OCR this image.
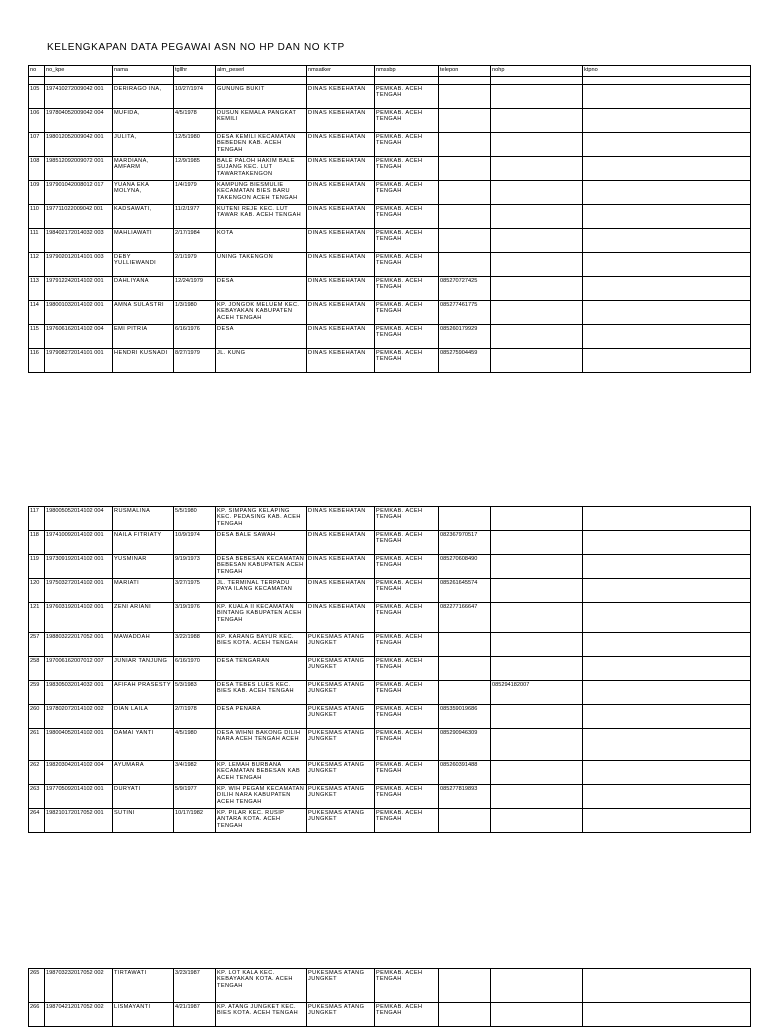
KELENGKAPAN DATA PEGAWAI ASN NO HP DAN NO KTP
no	no_kpe	nama	tgllhr	alm_peserl	nmsatker	nmssbp	telepon	nohp	ktpno

105	197410272009042 001	DERIRAGO INA,	10/27/1974	GUNUNG BUKIT	DINAS KEBEHATAN	PEMKAB. ACEH TENGAH			
106	197804052009042 004	MUFIDA,	4/5/1978	DUSUN KEMALA PANGKAT KEMILI	DINAS KEBEHATAN	PEMKAB. ACEH TENGAH			
107	198012052009042 001	JULITA,	12/5/1980	DESA KEMILI KECAMATAN BEBEDEN KAB. ACEH TENGAH	DINAS KEBEHATAN	PEMKAB. ACEH TENGAH			
108	198512092009072 001	MARDIANA, AMFARM	12/9/1985	BALE PALOH HAKIM BALE SUJANG KEC. LUT TAWARTAKENGON	DINAS KEBEHATAN	PEMKAB. ACEH TENGAH			
109	197901042008012 017	YUANA EKA MOLYNA,	1/4/1979	KAMPUNG BIESMULIE KECAMATAN BIES BARU TAKENGON ACEH TENGAH	DINAS KEBEHATAN	PEMKAB. ACEH TENGAH			
110	197711022009042 001	KADSAWATI,	11/2/1977	KUTENI REJE KEC. LUT TAWAR KAB. ACEH TENGAH	DINAS KEBEHATAN	PEMKAB. ACEH TENGAH			
111	198402172014032 003	MAHLIAWATI	2/17/1984	KOTA	DINAS KEBEHATAN	PEMKAB. ACEH TENGAH			
112	197902012014101 003	DEBY YULLIEWANDI	2/1/1979	UNING TAKENGON	DINAS KEBEHATAN	PEMKAB. ACEH TENGAH			
113	197912242014102 001	DAHLIYANA	12/24/1979	DESA	DINAS KEBEHATAN	PEMKAB. ACEH TENGAH	085270727425		
114	198001032014102 001	AMNA SULASTRI	1/3/1980	KP. JONGOK MELUEM KEC. KEBAYAKAN KABUPATEN ACEH TENGAH	DINAS KEBEHATAN	PEMKAB. ACEH TENGAH	085277461775		
115	197606162014102 004	EMI PITRIA	6/16/1976	DESA	DINAS KEBEHATAN	PEMKAB. ACEH TENGAH	085260179929		
116	197908272014101 001	HENDRI KUSNADI	8/27/1979	JL. KUNG	DINAS KEBEHATAN	PEMKAB. ACEH TENGAH	085275904459		
117	198005052014102 004	RUSMALINA	5/5/1980	KP. SIMPANG KELAPING KEC. PEDASING KAB. ACEH TENGAH	DINAS KEBEHATAN	PEMKAB. ACEH TENGAH			
118	197410092014102 001	NAILA FITRIATY	10/9/1974	DESA BALE SAWAH	DINAS KEBEHATAN	PEMKAB. ACEH TENGAH	082367970517		
119	197309192014102 001	YUSMINAR	9/19/1973	DESA BEBESAN KECAMATAN BEBESAN KABUPATEN ACEH TENGAH	DINAS KEBEHATAN	PEMKAB. ACEH TENGAH	085270608490		
120	197503272014102 001	MARIATI	3/27/1975	JL. TERMINAL TERPADU PAYA ILANG KECAMATAN	DINAS KEBEHATAN	PEMKAB. ACEH TENGAH	085261645574		
121	197603192014102 001	ZENI ARIANI	3/19/1976	KP. KUALA II KECAMATAN BINTANG KABUPATEN ACEH TENGAH	DINAS KEBEHATAN	PEMKAB. ACEH TENGAH	082277166647		
257	198803222017052 001	MAWADDAH	3/22/1988	KP. KARANG BAYUR KEC. BIES KOTA. ACEH TENGAH	PUKESMAS ATANG JUNGKET	PEMKAB. ACEH TENGAH			
258	197006162007012 007	JUNIAR TANJUNG	6/16/1970	DESA TENGARAN	PUKESMAS ATANG JUNGKET	PEMKAB. ACEH TENGAH			
259	198305032014032 001	AFIFAH PRASESTY	5/3/1983	DESA TEBES LUES KEC. BIES KAB. ACEH TENGAH	PUKESMAS ATANG JUNGKET	PEMKAB. ACEH TENGAH		085294182007	
260	197802072014102 002	DIAN LAILA	2/7/1978	DESA PENARA	PUKESMAS ATANG JUNGKET	PEMKAB. ACEH TENGAH	085359019686		
261	198004052014102 001	DAMAI YANTI	4/5/1980	DESA WIHNI BAKONG DILIH NARA ACEH TENGAH ACEH	PUKESMAS ATANG JUNGKET	PEMKAB. ACEH TENGAH	085290946309		
262	198203042014102 004	AYUMARA	3/4/1982	KP. LEMAH BURBANA KECAMATAN BEBESAN KAB ACEH TENGAH	PUKESMAS ATANG JUNGKET	PEMKAB. ACEH TENGAH	085260391488		
263	197705092014102 001	DURYATI	5/9/1977	KP. WIH PEGAM KECAMATAN DILIH NARA KABUPATEN ACEH TENGAH	PUKESMAS ATANG JUNGKET	PEMKAB. ACEH TENGAH	085277819893		
264	198210172017052 001	SUTINI	10/17/1982	KP. PILAR KEC. RUSIP ANTARA KOTA. ACEH TENGAH	PUKESMAS ATANG JUNGKET	PEMKAB. ACEH TENGAH			
265	198703232017052 002	TIRTAWATI	3/23/1987	KP. LOT KALA KEC. KEBAYAKAN KOTA. ACEH TENGAH	PUKESMAS ATANG JUNGKET	PEMKAB. ACEH TENGAH			
266	198704212017052 002	LISMAYANTI	4/21/1987	KP. ATANG JUNGKET KEC. BIES KOTA. ACEH TENGAH	PUKESMAS ATANG JUNGKET	PEMKAB. ACEH TENGAH			
